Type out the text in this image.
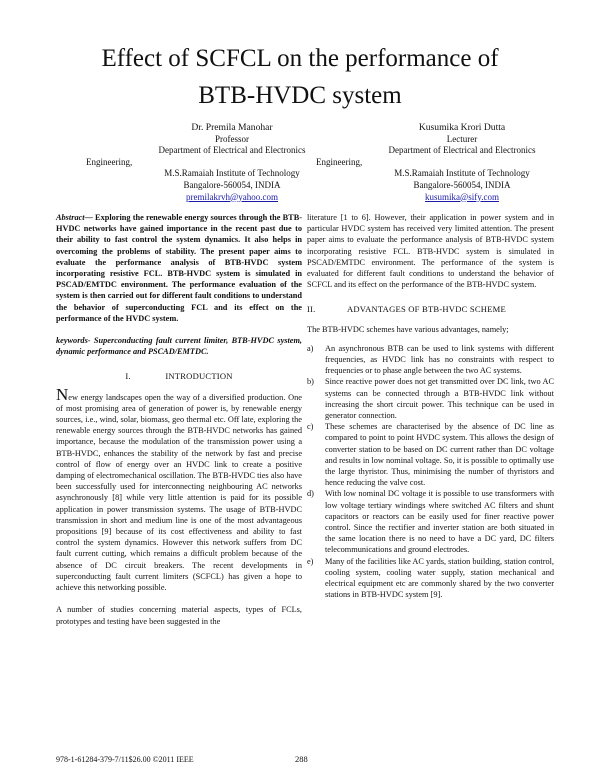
Effect of SCFCL on the performance of
BTB-HVDC system
Dr. Premila Manohar
Professor
Department of Electrical and Electronics
Engineering,
M.S.Ramaiah Institute of Technology
Bangalore-560054, INDIA
premilakrvh@yahoo.com
Kusumika Krori Dutta
Lecturer
Department of Electrical and Electronics
Engineering,
M.S.Ramaiah Institute of Technology
Bangalore-560054, INDIA
kusumika@sify.com

Abstract— Exploring the renewable energy sources through the BTB-HVDC networks have gained importance in the recent past due to their ability to fast control the system dynamics. It also helps in overcoming the problems of stability. The present paper aims to evaluate the performance analysis of BTB-HVDC system incorporating resistive FCL. BTB-HVDC system is simulated in PSCAD/EMTDC environment. The performance evaluation of the system is then carried out for different fault conditions to understand the behavior of superconducting FCL and its effect on the performance of the HVDC system.

keywords- Superconducting fault current limiter, BTB-HVDC system, dynamic performance and PSCAD/EMTDC.

I.	INTRODUCTION

New energy landscapes open the way of a diversified production. One of most promising area of generation of power is, by renewable energy sources, i.e., wind, solar, biomass, geo thermal etc. Off late, exploring the renewable energy sources through the BTB-HVDC networks has gained importance, because the modulation of the transmission power using a BTB-HVDC, enhances the stability of the network by fast and precise control of flow of energy over an HVDC link to create a positive damping of electromechanical oscillation. The BTB-HVDC ties also have been successfully used for interconnecting neighbouring AC networks asynchronously [8] while very little attention is paid for its possible application in power transmission systems. The usage of BTB-HVDC transmission in short and medium line is one of the most advantageous propositions [9] because of its cost effectiveness and ability to fast control the system dynamics. However this network suffers from DC fault current cutting, which remains a difficult problem because of the absence of DC circuit breakers. The recent developments in superconducting fault current limiters (SCFCL) has given a hope to achieve this networking possible.

A number of studies concerning material aspects, types of FCLs, prototypes and testing have been suggested in the

literature [1 to 6]. However, their application in power system and in particular HVDC system has received very limited attention. The present paper aims to evaluate the performance analysis of BTB-HVDC system incorporating resistive FCL. BTB-HVDC system is simulated in PSCAD/EMTDC environment. The performance of the system is evaluated for different fault conditions to understand the behavior of SCFCL and its effect on the performance of the BTB-HVDC system.

II.	ADVANTAGES OF BTB-HVDC SCHEME

The BTB-HVDC schemes have various advantages, namely;

a)	An asynchronous BTB can be used to link systems with different frequencies, as HVDC link has no constraints with respect to frequencies or to phase angle between the two AC systems.
b)	Since reactive power does not get transmitted over DC link, two AC systems can be connected through a BTB-HVDC link without increasing the short circuit power. This technique can be used in generator connection.
c)	These schemes are characterised by the absence of DC line as compared to point to point HVDC system. This allows the design of converter station to be based on DC current rather than DC voltage and results in low nominal voltage. So, it is possible to optimally use the large thyristor. Thus, minimising the number of thyristors and hence reducing the valve cost.
d)	With low nominal DC voltage it is possible to use transformers with low voltage tertiary windings where switched AC filters and shunt capacitors or reactors can be easily used for finer reactive power control. Since the rectifier and inverter station are both situated in the same location there is no need to have a DC yard, DC filters telecommunications and ground electrodes.
e)	Many of the facilities like AC yards, station building, station control, cooling system, cooling water supply, station mechanical and electrical equipment etc are commonly shared by the two converter stations in BTB-HVDC system [9].
978-1-61284-379-7/11$26.00 ©2011 IEEE	288
